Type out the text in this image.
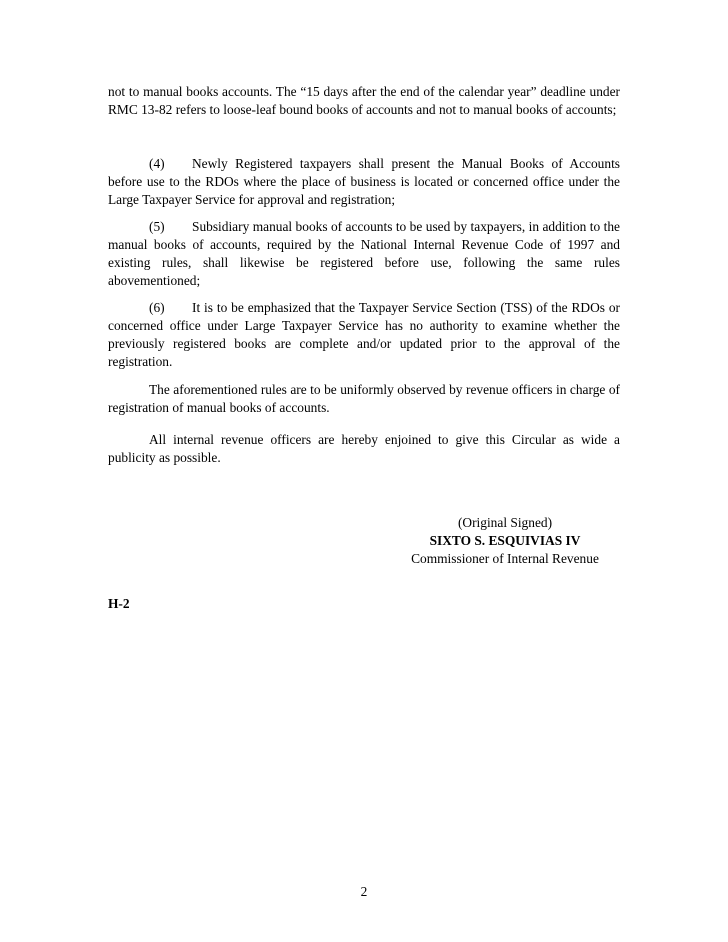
not to manual books accounts. The “15 days after the end of the calendar year” deadline under RMC 13-82 refers to loose-leaf bound books of accounts and not to manual books of accounts;

(4) Newly Registered taxpayers shall present the Manual Books of Accounts before use to the RDOs where the place of business is located or concerned office under the Large Taxpayer Service for approval and registration;

(5) Subsidiary manual books of accounts to be used by taxpayers, in addition to the manual books of accounts, required by the National Internal Revenue Code of 1997 and existing rules, shall likewise be registered before use, following the same rules abovementioned;

(6) It is to be emphasized that the Taxpayer Service Section (TSS) of the RDOs or concerned office under Large Taxpayer Service has no authority to examine whether the previously registered books are complete and/or updated prior to the approval of the registration.

The aforementioned rules are to be uniformly observed by revenue officers in charge of registration of manual books of accounts.

All internal revenue officers are hereby enjoined to give this Circular as wide a publicity as possible.

(Original Signed)
SIXTO S. ESQUIVIAS IV
Commissioner of Internal Revenue
H-2
2
